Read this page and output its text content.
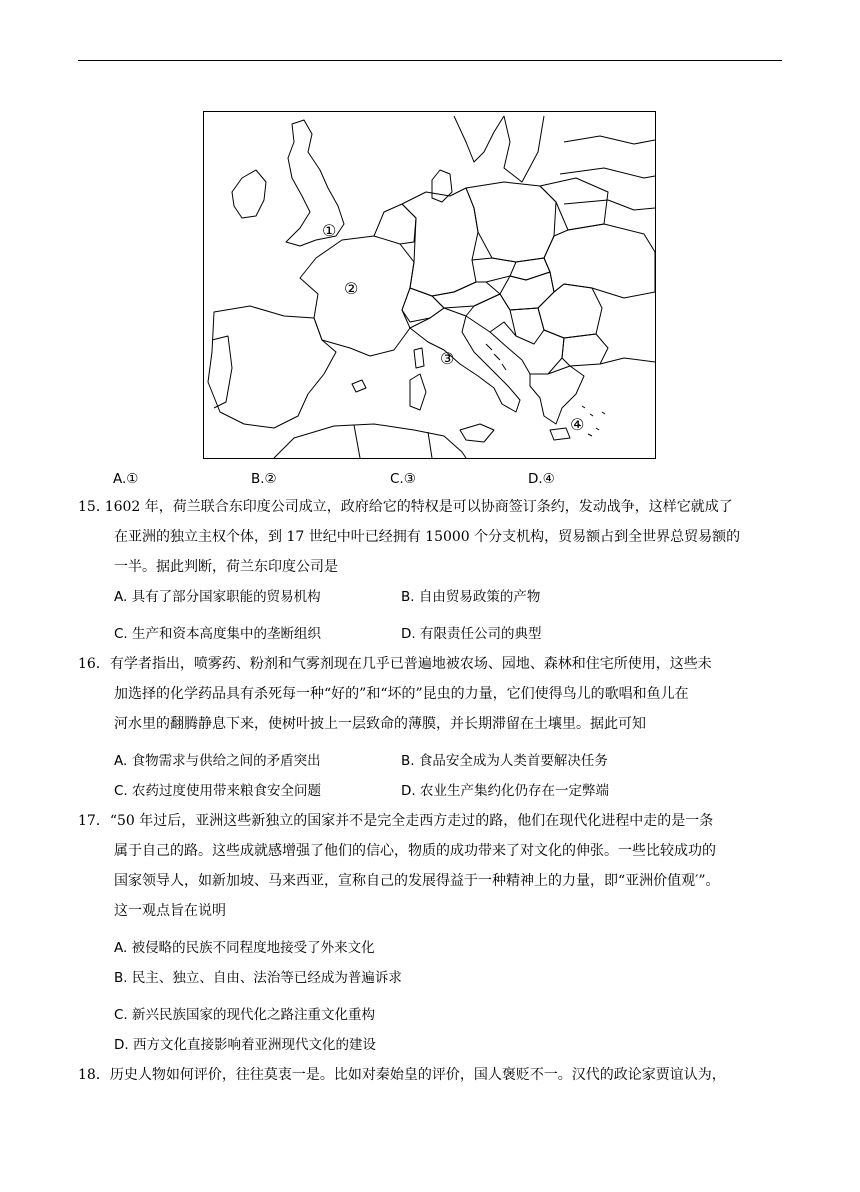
①
②
③
④
A.①	B.②	C.③	D.④
15. 1602 年，荷兰联合东印度公司成立，政府给它的特权是可以协商签订条约，发动战争，这样它就成了
在亚洲的独立主权个体，到 17 世纪中叶已经拥有 15000 个分支机构，贸易额占到全世界总贸易额的
一半。据此判断，荷兰东印度公司是
A. 具有了部分国家职能的贸易机构	B. 自由贸易政策的产物
C. 生产和资本高度集中的垄断组织	D. 有限责任公司的典型
16．有学者指出，喷雾药、粉剂和气雾剂现在几乎已普遍地被农场、园地、森林和住宅所使用，这些未
加选择的化学药品具有杀死每一种“好的”和“坏的”昆虫的力量，它们使得鸟儿的歌唱和鱼儿在
河水里的翻腾静息下来，使树叶披上一层致命的薄膜，并长期滞留在土壤里。据此可知
A. 食物需求与供给之间的矛盾突出	B. 食品安全成为人类首要解决任务
C. 农药过度使用带来粮食安全问题	D. 农业生产集约化仍存在一定弊端
17．“50 年过后，亚洲这些新独立的国家并不是完全走西方走过的路，他们在现代化进程中走的是一条
属于自己的路。这些成就感增强了他们的信心，物质的成功带来了对文化的伸张。一些比较成功的
国家领导人，如新加坡、马来西亚，宣称自己的发展得益于一种精神上的力量，即“亚洲价值观′”。
这一观点旨在说明
A. 被侵略的民族不同程度地接受了外来文化
B. 民主、独立、自由、法治等已经成为普遍诉求
C. 新兴民族国家的现代化之路注重文化重构
D. 西方文化直接影响着亚洲现代文化的建设
18．历史人物如何评价，往往莫衷一是。比如对秦始皇的评价，国人褒贬不一。汉代的政论家贾谊认为，
